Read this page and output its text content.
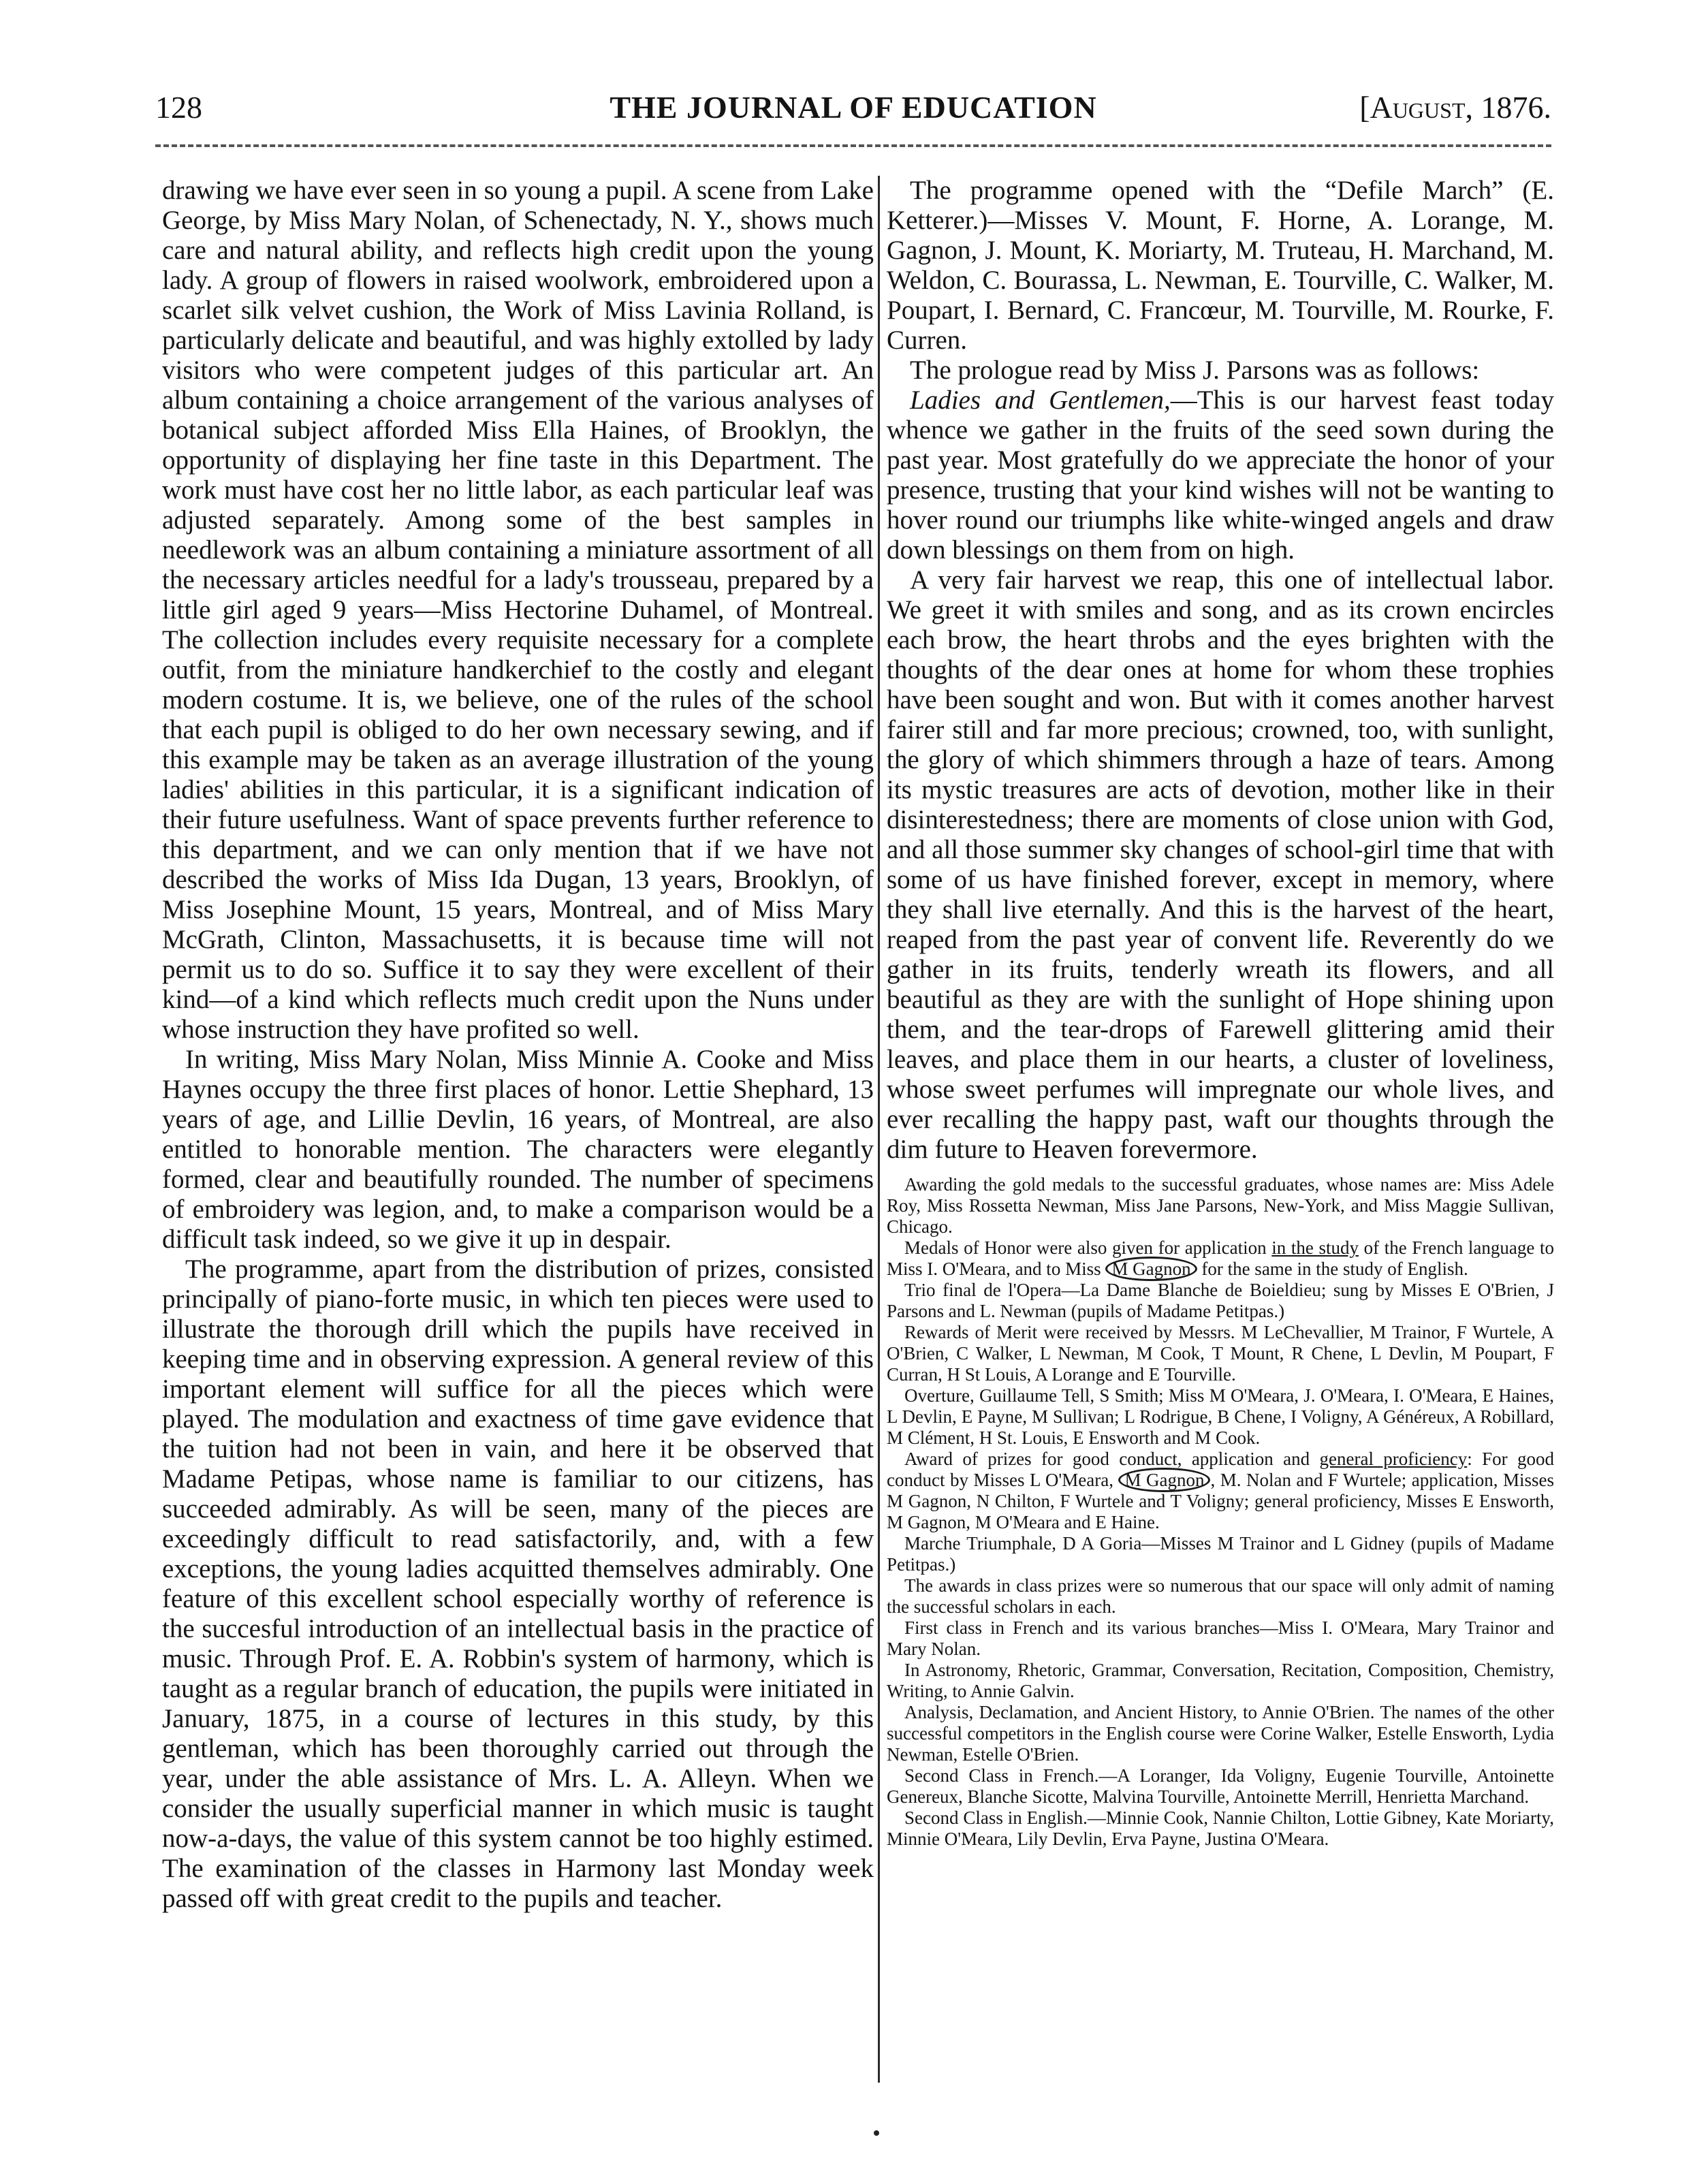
THE JOURNAL OF EDUCATION
128	[August, 1876.

drawing we have ever seen in so young a pupil. A scene from Lake George, by Miss Mary Nolan, of Schenectady, N. Y., shows much care and natural ability, and reflects high credit upon the young lady. A group of flowers in raised woolwork, embroidered upon a scarlet silk velvet cushion, the Work of Miss Lavinia Rolland, is particularly delicate and beautiful, and was highly extolled by lady visitors who were competent judges of this particular art. An album containing a choice arrangement of the various analyses of botanical subject afforded Miss Ella Haines, of Brooklyn, the opportunity of displaying her fine taste in this Department. The work must have cost her no little labor, as each particular leaf was adjusted separately. Among some of the best samples in needlework was an album containing a miniature assortment of all the necessary articles needful for a lady's trousseau, prepared by a little girl aged 9 years—Miss Hectorine Duhamel, of Montreal. The collection includes every requisite necessary for a complete outfit, from the miniature handkerchief to the costly and elegant modern costume. It is, we believe, one of the rules of the school that each pupil is obliged to do her own necessary sewing, and if this example may be taken as an average illustration of the young ladies' abilities in this particular, it is a significant indication of their future usefulness. Want of space prevents further reference to this department, and we can only mention that if we have not described the works of Miss Ida Dugan, 13 years, Brooklyn, of Miss Josephine Mount, 15 years, Montreal, and of Miss Mary McGrath, Clinton, Massachusetts, it is because time will not permit us to do so. Suffice it to say they were excellent of their kind—of a kind which reflects much credit upon the Nuns under whose instruction they have profited so well.

In writing, Miss Mary Nolan, Miss Minnie A. Cooke and Miss Haynes occupy the three first places of honor. Lettie Shephard, 13 years of age, and Lillie Devlin, 16 years, of Montreal, are also entitled to honorable mention. The characters were elegantly formed, clear and beautifully rounded. The number of specimens of embroidery was legion, and, to make a comparison would be a difficult task indeed, so we give it up in despair.

The programme, apart from the distribution of prizes, consisted principally of piano-forte music, in which ten pieces were used to illustrate the thorough drill which the pupils have received in keeping time and in observing expression. A general review of this important element will suffice for all the pieces which were played. The modulation and exactness of time gave evidence that the tuition had not been in vain, and here it be observed that Madame Petipas, whose name is familiar to our citizens, has succeeded admirably. As will be seen, many of the pieces are exceedingly difficult to read satisfactorily, and, with a few exceptions, the young ladies acquitted themselves admirably. One feature of this excellent school especially worthy of reference is the succesful introduction of an intellectual basis in the practice of music. Through Prof. E. A. Robbin's system of harmony, which is taught as a regular branch of education, the pupils were initiated in January, 1875, in a course of lectures in this study, by this gentleman, which has been thoroughly carried out through the year, under the able assistance of Mrs. L. A. Alleyn. When we consider the usually superficial manner in which music is taught now-a-days, the value of this system cannot be too highly estimed. The examination of the classes in Harmony last Monday week passed off with great credit to the pupils and teacher.

The programme opened with the “Defile March” (E. Ketterer.)—Misses V. Mount, F. Horne, A. Lorange, M. Gagnon, J. Mount, K. Moriarty, M. Truteau, H. Marchand, M. Weldon, C. Bourassa, L. Newman, E. Tourville, C. Walker, M. Poupart, I. Bernard, C. Francœur, M. Tourville, M. Rourke, F. Curren.

The prologue read by Miss J. Parsons was as follows:

Ladies and Gentlemen,—This is our harvest feast today whence we gather in the fruits of the seed sown during the past year. Most gratefully do we appreciate the honor of your presence, trusting that your kind wishes will not be wanting to hover round our triumphs like white-winged angels and draw down blessings on them from on high.

A very fair harvest we reap, this one of intellectual labor. We greet it with smiles and song, and as its crown encircles each brow, the heart throbs and the eyes brighten with the thoughts of the dear ones at home for whom these trophies have been sought and won. But with it comes another harvest fairer still and far more precious; crowned, too, with sunlight, the glory of which shimmers through a haze of tears. Among its mystic treasures are acts of devotion, mother like in their disinterestedness; there are moments of close union with God, and all those summer sky changes of school-girl time that with some of us have finished forever, except in memory, where they shall live eternally. And this is the harvest of the heart, reaped from the past year of convent life. Reverently do we gather in its fruits, tenderly wreath its flowers, and all beautiful as they are with the sunlight of Hope shining upon them, and the tear-drops of Farewell glittering amid their leaves, and place them in our hearts, a cluster of loveliness, whose sweet perfumes will impregnate our whole lives, and ever recalling the happy past, waft our thoughts through the dim future to Heaven forevermore.

Awarding the gold medals to the successful graduates, whose names are: Miss Adele Roy, Miss Rossetta Newman, Miss Jane Parsons, New-York, and Miss Maggie Sullivan, Chicago.

Medals of Honor were also given for application in the study of the French language to Miss I. O'Meara, and to Miss M Gagnon for the same in the study of English.

Trio final de l'Opera—La Dame Blanche de Boieldieu; sung by Misses E O'Brien, J Parsons and L. Newman (pupils of Madame Petitpas.)

Rewards of Merit were received by Messrs. M LeChevallier, M Trainor, F Wurtele, A O'Brien, C Walker, L Newman, M Cook, T Mount, R Chene, L Devlin, M Poupart, F Curran, H St Louis, A Lorange and E Tourville.

Overture, Guillaume Tell, S Smith; Miss M O'Meara, J. O'Meara, I. O'Meara, E Haines, L Devlin, E Payne, M Sullivan; L Rodrigue, B Chene, I Voligny, A Généreux, A Robillard, M Clément, H St. Louis, E Ensworth and M Cook.

Award of prizes for good conduct, application and general proficiency: For good conduct by Misses L O'Meara, M Gagnon , M. Nolan and F Wurtele; application, Misses M Gagnon, N Chilton, F Wurtele and T Voligny; general proficiency, Misses E Ensworth, M Gagnon, M O'Meara and E Haine.

Marche Triumphale, D A Goria—Misses M Trainor and L Gidney (pupils of Madame Petitpas.)

The awards in class prizes were so numerous that our space will only admit of naming the successful scholars in each.

First class in French and its various branches—Miss I. O'Meara, Mary Trainor and Mary Nolan.

In Astronomy, Rhetoric, Grammar, Conversation, Recitation, Composition, Chemistry, Writing, to Annie Galvin.

Analysis, Declamation, and Ancient History, to Annie O'Brien. The names of the other successful competitors in the English course were Corine Walker, Estelle Ensworth, Lydia Newman, Estelle O'Brien.

Second Class in French.—A Loranger, Ida Voligny, Eugenie Tourville, Antoinette Genereux, Blanche Sicotte, Malvina Tourville, Antoinette Merrill, Henrietta Marchand.

Second Class in English.—Minnie Cook, Nannie Chilton, Lottie Gibney, Kate Moriarty, Minnie O'Meara, Lily Devlin, Erva Payne, Justina O'Meara.
